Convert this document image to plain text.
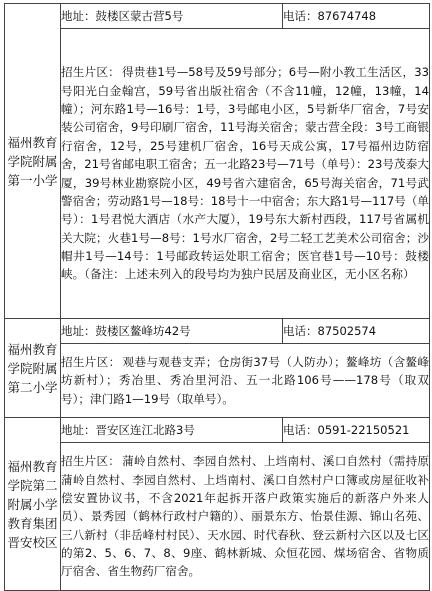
福州教育学院附属第一小学	地址：鼓楼区蒙古营5号	电话：87674748
	招生片区： 得贵巷1号—58号及59号部分；6号—附小教工生活区，33号阳光白金翰宫，59号省出版社宿舍（不含11幢，12幢，13幢，14幢）；河东路1号—16号：1号，3号邮电小区，5号新华厂宿舍，7号安装公司宿舍，9号印刷厂宿舍，11号海关宿舍；蒙古营全段：3号工商银行宿舍，12号，25号建机厂宿舍，16号天成公寓，17号福州边防宿舍，21号省邮电职工宿舍；五一北路23号—71号（单号）：23号茂泰大厦，39号林业勘察院小区，49号省六建宿舍，65号海关宿舍，71号武警宿舍；劳动路1号—18号：18号十一中宿舍；东大路1号—117号（单号）：1号君悦大酒店（水产大厦），19号东大新村西段，117号省属机关大院；火巷1号—8号：1号水厂宿舍，2号二轻工艺美术公司宿舍；沙帽井1号—14号：1号邮政转运处职工宿舍；医官巷1号—10号：鼓楼峡。（备注：上述未列入的段号均为独户民居及商业区，无小区名称）	
福州教育学院附属第二小学	地址：鼓楼区鳌峰坊42号	电话：87502574
	招生片区： 观巷与观巷支弄；仓房街37号（人防办）；鳌峰坊（含鳌峰坊新村）；秀冶里、秀冶里河沿、五一北路106号——178号（取双号）；津门路1—19号（取单号）。	
福州教育学院第二附属小学教育集团晋安校区	地址：晋安区连江北路3号	电话：0591-22150521
	招生片区： 蒲岭自然村、李园自然村、上垱南村、溪口自然村（需持原蒲岭自然村、李园自然村、上垱南村、溪口自然村户口簿或房屋征收补偿安置协议书，不含2021年起拆开落户政策实施后的新落户外来人员）、景秀园（鹤林行政村户籍的）、丽景东方、怡景佳源、锦山名苑、三八新村（非岳峰村村民）、天水园、时代春秋、登云新村六区以及七区的第2、5、6、7、8、9座、鹤林新城、众恒花园、煤场宿舍、省物质厅宿舍、省生物药厂宿舍。	
